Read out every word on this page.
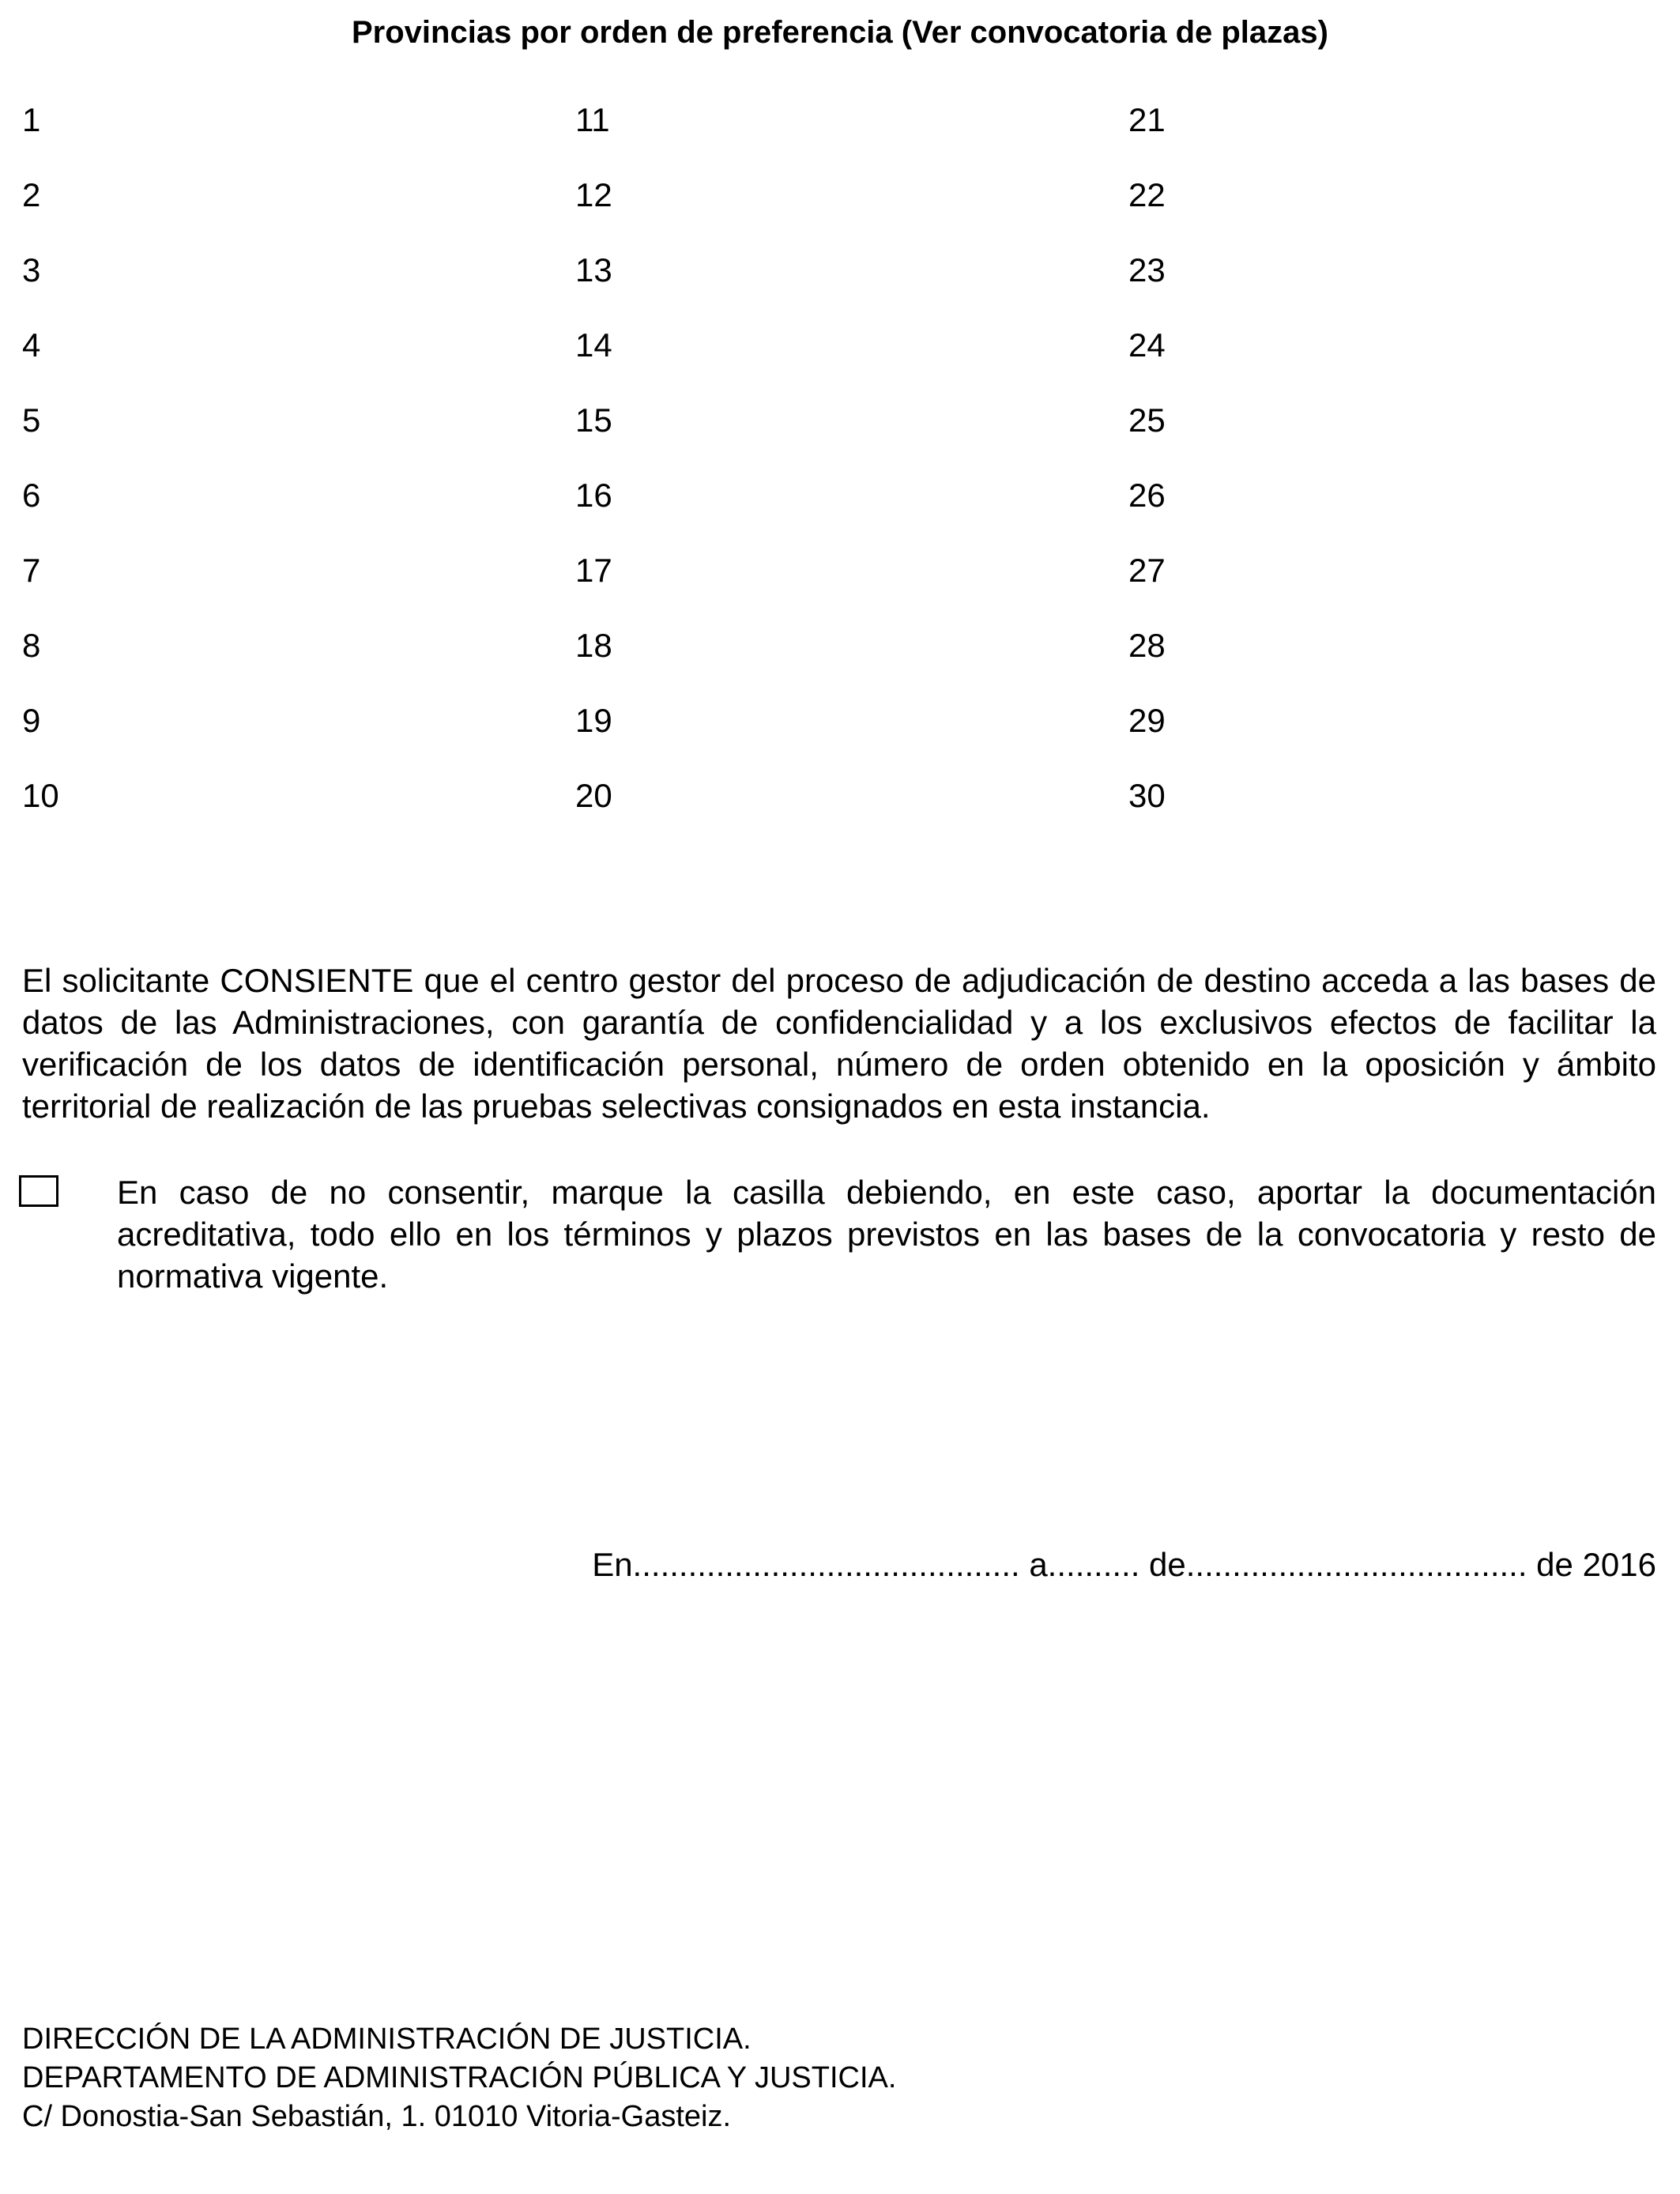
Provincias por orden de preferencia (Ver convocatoria de plazas)
1
2
3
4
5
6
7
8
9
10
11
12
13
14
15
16
17
18
19
20
21
22
23
24
25
26
27
28
29
30

El solicitante CONSIENTE que el centro gestor del proceso de adjudicación de destino acceda a las bases de datos de las Administraciones, con garantía de confidencialidad y a los exclusivos efectos de facilitar la verificación de los datos de identificación personal, número de orden obtenido en la oposición y ámbito territorial de realización de las pruebas selectivas consignados en esta instancia.

En caso de no consentir, marque la casilla debiendo, en este caso, aportar la documentación acreditativa, todo ello en los términos y plazos previstos en las bases de la convocatoria y resto de normativa vigente.

En.......................................... a.......... de..................................... de 2016
DIRECCIÓN DE LA ADMINISTRACIÓN DE JUSTICIA.
DEPARTAMENTO DE ADMINISTRACIÓN PÚBLICA Y JUSTICIA.
C/ Donostia-San Sebastián, 1. 01010 Vitoria-Gasteiz.
